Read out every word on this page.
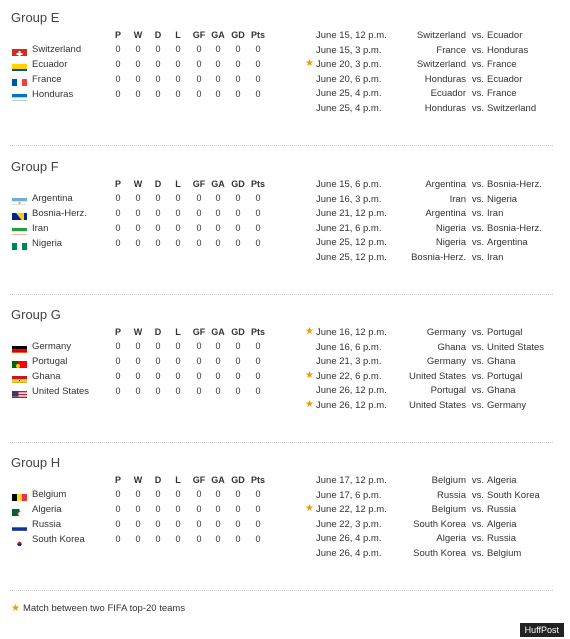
Group E
P	W	D	L	GF GA GD Pts
Switzerland	0	0	0	0	0	0	0	0
Ecuador	0	0	0	0	0	0	0	0
France	0	0	0	0	0	0	0	0
Honduras	0	0	0	0	0	0	0	0
June 15, 12 p.m.	Switzerland vs. Ecuador
June 15, 3 p.m.	France vs. Honduras
★ June 20, 3 p.m.	Switzerland vs. France
June 20, 6 p.m.	Honduras vs. Ecuador
June 25, 4 p.m.	Ecuador vs. France
June 25, 4 p.m.	Honduras vs. Switzerland
Group F
P	W	D	L	GF GA GD Pts
Argentina	0	0	0	0	0	0	0	0
Bosnia-Herz.	0	0	0	0	0	0	0	0
Iran	0	0	0	0	0	0	0	0
Nigeria	0	0	0	0	0	0	0	0
June 15, 6 p.m.	Argentina vs. Bosnia-Herz.
June 16, 3 p.m.	Iran vs. Nigeria
June 21, 12 p.m.	Argentina vs. Iran
June 21, 6 p.m.	Nigeria vs. Bosnia-Herz.
June 25, 12 p.m.	Nigeria vs. Argentina
June 25, 12 p.m.	Bosnia-Herz. vs. Iran
Group G
P	W	D	L	GF GA GD Pts
Germany	0	0	0	0	0	0	0	0
Portugal	0	0	0	0	0	0	0	0
Ghana	0	0	0	0	0	0	0	0
United States	0	0	0	0	0	0	0	0
★ June 16, 12 p.m.	Germany vs. Portugal
June 16, 6 p.m.	Ghana vs. United States
June 21, 3 p.m.	Germany vs. Ghana
★ June 22, 6 p.m.	United States vs. Portugal
June 26, 12 p.m.	Portugal vs. Ghana
★ June 26, 12 p.m. United States vs. Germany
Group H
P	W	D	L	GF GA GD Pts
Belgium	0	0	0	0	0	0	0	0
Algeria	0	0	0	0	0	0	0	0
Russia	0	0	0	0	0	0	0	0
South Korea	0	0	0	0	0	0	0	0
June 17, 12 p.m.	Belgium vs. Algeria
June 17, 6 p.m.	Russia vs. South Korea
★ June 22, 12 p.m.	Belgium vs. Russia
June 22, 3 p.m.	South Korea vs. Algeria
June 26, 4 p.m.	Algeria vs. Russia
June 26, 4 p.m.	South Korea vs. Belgium
★ Match between two FIFA top-20 teams
HuffPost
